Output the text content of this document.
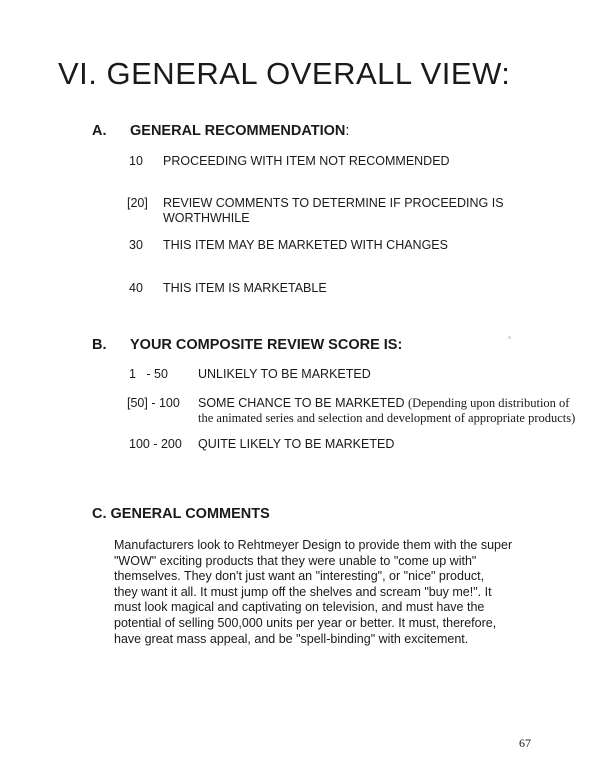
VI. GENERAL OVERALL VIEW:
A. GENERAL RECOMMENDATION:
10 PROCEEDING WITH ITEM NOT RECOMMENDED
[20] REVIEW COMMENTS TO DETERMINE IF PROCEEDING IS
WORTHWHILE
30 THIS ITEM MAY BE MARKETED WITH CHANGES
40 THIS ITEM IS MARKETABLE
B. YOUR COMPOSITE REVIEW SCORE IS:
1   - 50 UNLIKELY TO BE MARKETED
[50] - 100 SOME CHANCE TO BE MARKETED (Depending upon distribution of
the animated series and selection and development of appropriate products)
100 - 200 QUITE LIKELY TO BE MARKETED
C. GENERAL COMMENTS
Manufacturers look to Rehtmeyer Design to provide them with the super
"WOW" exciting products that they were unable to "come up with"
themselves. They don't just want an "interesting", or "nice" product,
they want it all. It must jump off the shelves and scream "buy me!". It
must look magical and captivating on television, and must have the
potential of selling 500,000 units per year or better. It must, therefore,
have great mass appeal, and be "spell-binding" with excitement.
67
